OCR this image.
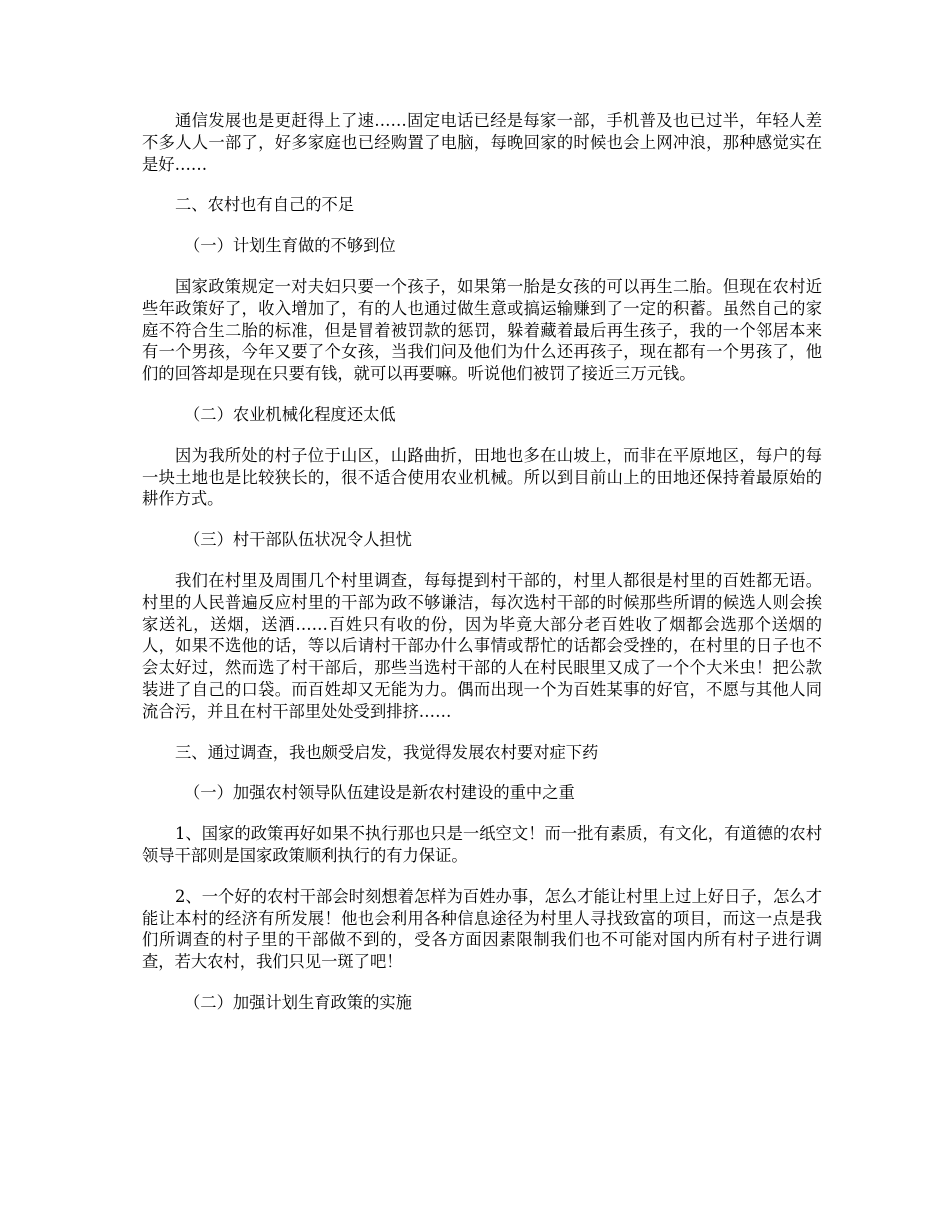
通信发展也是更赶得上了速……固定电话已经是每家一部，手机普及也已过半，年轻人差不多人人一部了，好多家庭也已经购置了电脑，每晚回家的时候也会上网冲浪，那种感觉实在是好……

二、农村也有自己的不足

（一）计划生育做的不够到位

国家政策规定一对夫妇只要一个孩子，如果第一胎是女孩的可以再生二胎。但现在农村近些年政策好了，收入增加了，有的人也通过做生意或搞运输赚到了一定的积蓄。虽然自己的家庭不符合生二胎的标准，但是冒着被罚款的惩罚，躲着藏着最后再生孩子，我的一个邻居本来有一个男孩，今年又要了个女孩，当我们问及他们为什么还再孩子，现在都有一个男孩了，他们的回答却是现在只要有钱，就可以再要嘛。听说他们被罚了接近三万元钱。

（二）农业机械化程度还太低

因为我所处的村子位于山区，山路曲折，田地也多在山坡上，而非在平原地区，每户的每一块土地也是比较狭长的，很不适合使用农业机械。所以到目前山上的田地还保持着最原始的耕作方式。

（三）村干部队伍状况令人担忧

我们在村里及周围几个村里调查，每每提到村干部的，村里人都很是村里的百姓都无语。村里的人民普遍反应村里的干部为政不够谦洁，每次选村干部的时候那些所谓的候选人则会挨家送礼，送烟，送酒……百姓只有收的份，因为毕竟大部分老百姓收了烟都会选那个送烟的人，如果不选他的话，等以后请村干部办什么事情或帮忙的话都会受挫的，在村里的日子也不会太好过，然而选了村干部后，那些当选村干部的人在村民眼里又成了一个个大米虫！把公款装进了自己的口袋。而百姓却又无能为力。偶而出现一个为百姓某事的好官，不愿与其他人同流合污，并且在村干部里处处受到排挤……

三、通过调查，我也颇受启发，我觉得发展农村要对症下药

（一）加强农村领导队伍建设是新农村建设的重中之重

1、国家的政策再好如果不执行那也只是一纸空文！而一批有素质，有文化，有道德的农村领导干部则是国家政策顺利执行的有力保证。

2、一个好的农村干部会时刻想着怎样为百姓办事，怎么才能让村里上过上好日子，怎么才能让本村的经济有所发展！他也会利用各种信息途径为村里人寻找致富的项目，而这一点是我们所调查的村子里的干部做不到的，受各方面因素限制我们也不可能对国内所有村子进行调查，若大农村，我们只见一斑了吧！

（二）加强计划生育政策的实施
